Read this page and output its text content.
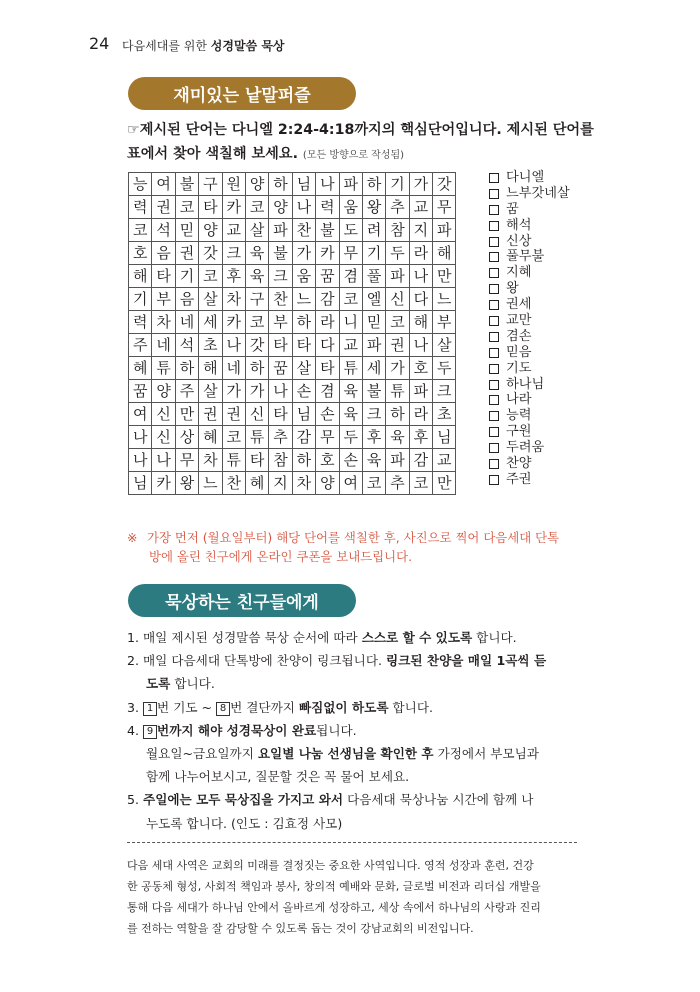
24 다음세대를 위한 성경말씀 묵상
재미있는 낱말퍼즐
☞제시된 단어는 다니엘 2:24-4:18까지의 핵심단어입니다. 제시된 단어를 표에서 찾아 색칠해 보세요. (모든 방향으로 작성됨)
능	여	불	구	원	양	하	님	나	파	하	기	가	갓
력	권	코	타	카	코	양	나	력	움	왕	추	교	무
코	석	믿	양	교	살	파	찬	불	도	려	참	지	파
호	음	권	갓	크	육	불	가	카	무	기	두	라	해
해	타	기	코	후	육	크	움	꿈	겸	풀	파	나	만
기	부	음	살	차	구	찬	느	감	코	엘	신	다	느
력	차	네	세	카	코	부	하	라	니	믿	코	해	부
주	네	석	초	나	갓	타	타	다	교	파	권	나	살
혜	튜	하	해	네	하	꿈	살	타	튜	세	가	호	두
꿈	양	주	살	가	가	나	손	겸	육	불	튜	파	크
여	신	만	권	권	신	타	님	손	육	크	하	라	초
나	신	상	혜	코	튜	추	감	무	두	후	육	후	님
나	나	무	차	튜	타	참	하	호	손	육	파	감	교
님	카	왕	느	찬	혜	지	차	양	여	코	추	코	만
다니엘
느부갓네살
꿈
해석
신상
풀무불
지혜
왕
권세
교만
겸손
믿음
기도
하나님
나라
능력
구원
두려움
찬양
주권
※ 가장 먼저 (월요일부터) 해당 단어를 색칠한 후, 사진으로 찍어 다음세대 단톡
방에 올린 친구에게 온라인 쿠폰을 보내드립니다.
묵상하는 친구들에게
1. 매일 제시된 성경말씀 묵상 순서에 따라 스스로 할 수 있도록 합니다.
2. 매일 다음세대 단톡방에 찬양이 링크됩니다. 링크된 찬양을 매일 1곡씩 듣
도록 합니다.
3. 1 번 기도 ~ 8 번 결단까지 빠짐없이 하도록 합니다.
4. 9 번까지 해야 성경묵상이 완료됩니다.
월요일~금요일까지 요일별 나눔 선생님을 확인한 후 가정에서 부모님과
함께 나누어보시고, 질문할 것은 꼭 물어 보세요.
5. 주일에는 모두 묵상집을 가지고 와서 다음세대 묵상나눔 시간에 함께 나
누도록 합니다. (인도 : 김효정 사모)
다음 세대 사역은 교회의 미래를 결정짓는 중요한 사역입니다. 영적 성장과 훈련, 건강
한 공동체 형성, 사회적 책임과 봉사, 창의적 예배와 문화, 글로벌 비전과 리더십 개발을
통해 다음 세대가 하나님 안에서 올바르게 성장하고, 세상 속에서 하나님의 사랑과 진리
를 전하는 역할을 잘 감당할 수 있도록 돕는 것이 강남교회의 비전입니다.
